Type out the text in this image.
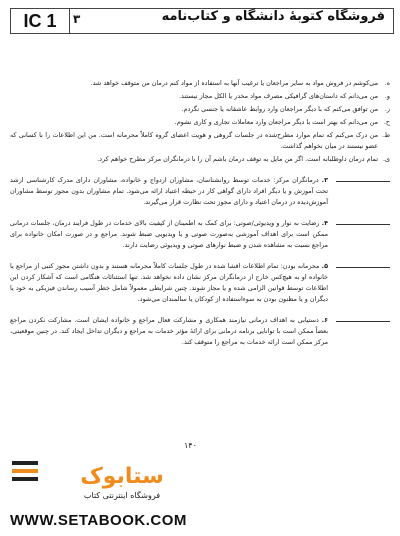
IC 1	۳	فروشگاه کتوبهٔ دانشگاه و کتاب‌نامه
ه.
می‌کوشم در فروش مواد به سایر مراجعان یا ترغیب آنها به استفاده از مواد کنم درمان من متوقف خواهد شد.
و.
من می‌دانم که داستان‌های گرافیکی مصرف مواد مخدر یا الکل مجاز نیستند.
ز.
من توافق می‌کنم که با دیگر مراجعان وارد روابط عاشقانه یا جنسی نگردم.
ح.
من می‌دانم که بهتر است با دیگر مراجعان وارد معاملات تجاری و کاری نشوم.
ط.
من درک می‌کنم که تمام موارد مطرح‌شده در جلسات گروهی و هویت اعضای گروه کاملاً محرمانه است. من این اطلاعات را با کسانی که عضو نیستند در میان نخواهم گذاشت.
ی.
تمام درمان داوطلبانه است. اگر من مایل به توقف درمان باشم آن را با درمانگران مرکز مطرح خواهم کرد.
۳. درمانگران مرکز: خدمات توسط روانشناسان، مشاوران ازدواج و خانواده، مشاوران دارای مدرک کارشناسی ارشد تحت آموزش و یا دیگر افراد دارای گواهی کار در حیطه اعتیاد ارائه می‌شود. تمام مشاوران بدون مجوز توسط مشاوران آموزش‌دیده در درمان اعتیاد و دارای مجوز تحت نظارت قرار می‌گیرند.
۴. رضایت به نوار و ویدیوئی/صوتی: برای کمک به اطمینان از کیفیت بالای خدمات در طول فرایند درمان، جلسات درمانی ممکن است برای اهداف آموزشی به‌صورت صوتی و یا ویدیویی ضبط شوند. مراجع و در صورت امکان خانواده برای مراجع نسبت به مشاهده شدن و ضبط نوارهای صوتی و ویدیوئی رضایت دارند.
۵. محرمانه بودن: تمام اطلاعات افشا شده در طول جلسات کاملاً محرمانه هستند و بدون داشتن مجوز کتبی از مراجع یا خانواده او به هیچ‌کس خارج از درمانگران مرکز نشان داده نخواهد شد. تنها استثنائات هنگامی است که آشکار کردن این اطلاعات توسط قوانین الزامی شده و یا مجاز شوند. چنین شرایطی معمولاً شامل خطر آسیب رساندن فیزیکی به خود یا دیگران و یا مظنون بودن به سوءاستفاده از کودکان یا سالمندان می‌شود.
۶. دستیابی به اهداف درمانی نیازمند همکاری و مشارکت فعال مراجع و خانواده ایشان است. مشارکت نکردن مراجع بعضاً ممکن است با توانایی برنامه درمانی برای ارائهٔ مؤثر خدمات به مراجع و دیگران تداخل ایجاد کند. در چنین موقعیتی، مرکز ممکن است ارائه خدمات به مراجع را متوقف کند.
۱۴۰
ستابوک
فروشگاه اینترنتی کتاب
WWW.SETABOOK.COM
